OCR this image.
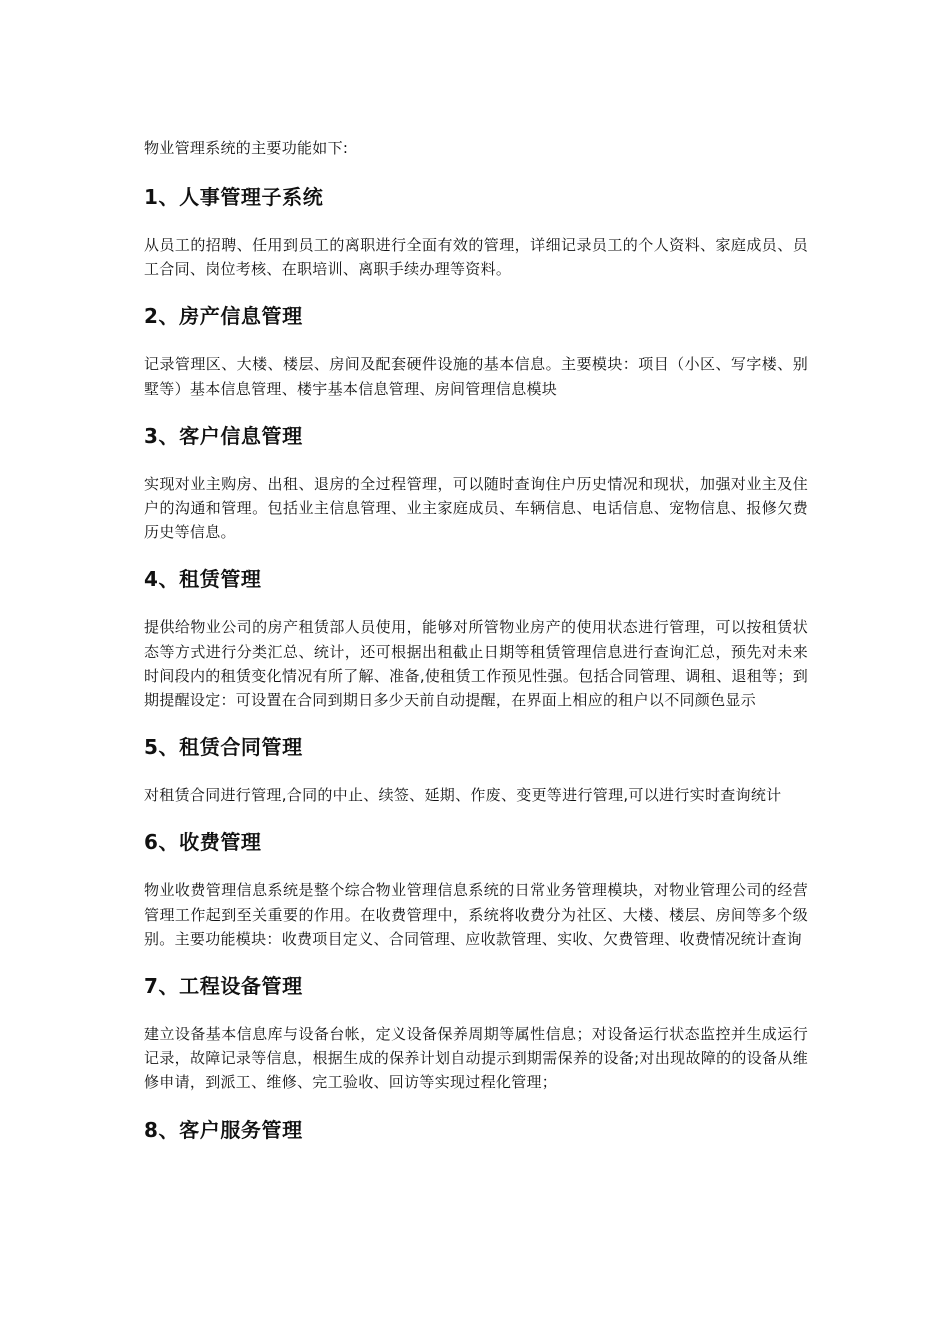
物业管理系统的主要功能如下:

1、人事管理子系统

从员工的招聘、任用到员工的离职进行全面有效的管理，详细记录员工的个人资料、家庭成员、员工合同、岗位考核、在职培训、离职手续办理等资料。

2、房产信息管理

记录管理区、大楼、楼层、房间及配套硬件设施的基本信息。主要模块：项目（小区、写字楼、别墅等）基本信息管理、楼宇基本信息管理、房间管理信息模块

3、客户信息管理

实现对业主购房、出租、退房的全过程管理，可以随时查询住户历史情况和现状，加强对业主及住户的沟通和管理。包括业主信息管理、业主家庭成员、车辆信息、电话信息、宠物信息、报修欠费历史等信息。

4、租赁管理

提供给物业公司的房产租赁部人员使用，能够对所管物业房产的使用状态进行管理，可以按租赁状态等方式进行分类汇总、统计，还可根据出租截止日期等租赁管理信息进行查询汇总，预先对未来时间段内的租赁变化情况有所了解、准备,使租赁工作预见性强。包括合同管理、调租、退租等；到期提醒设定：可设置在合同到期日多少天前自动提醒，在界面上相应的租户以不同颜色显示

5、租赁合同管理

对租赁合同进行管理,合同的中止、续签、延期、作废、变更等进行管理,可以进行实时查询统计

6、收费管理

物业收费管理信息系统是整个综合物业管理信息系统的日常业务管理模块，对物业管理公司的经营管理工作起到至关重要的作用。在收费管理中，系统将收费分为社区、大楼、楼层、房间等多个级别。主要功能模块：收费项目定义、合同管理、应收款管理、实收、欠费管理、收费情况统计查询

7、工程设备管理

建立设备基本信息库与设备台帐，定义设备保养周期等属性信息；对设备运行状态监控并生成运行记录，故障记录等信息，根据生成的保养计划自动提示到期需保养的设备;对出现故障的的设备从维修申请，到派工、维修、完工验收、回访等实现过程化管理；

8、客户服务管理
